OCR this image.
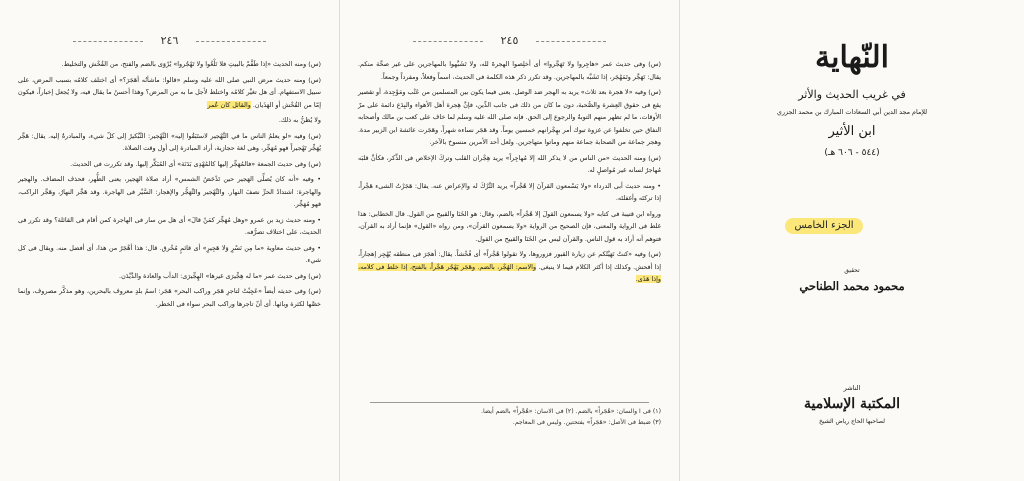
٢٤٦

(س) ومنه الحديث «إذا طَفَّمْ بالبيتِ فلا تَلْغُوا ولا تَهْجُروا» يُرْوَى بالضم والفتح، من الفُحْش والتخليط.

(س) ومنه حديث مرض النبي صلى الله عليه وسلم «قالوا: ماشأنُه أهَجَرَ؟» أى اختلف كلامُه بسبب المرض، على سبيل الاستفهام. أى هل تغيَّر كلامُه واختلط لأجل ما به من المرض؟ وهذا أحسنُ ما يقال فيه، ولا يُجعل إخباراً، فيكون إمّا من الفُحْش أو الهَذَيان. والقائل كان عُمر

ولا يُظنُّ به ذلك.

(س) وفيه «لو يعلمُ الناس ما في التَّهْجير لاستَبَقُوا إليه» التَّهْجير: التَّبْكيرُ إلى كلّ شيء، والمبادرةُ إليه. يقال: هَجَّر يُهَجِّر تَهْجيراً فهو مُهَجِّر، وهى لغة حجازية، أراد المبادرة إلى أول وقت الصلاة.

(س) وفى حديث الجمعة «فالمُهَجِّر إليها كالمُهْدِى بَدَنَة» أى المُبَكِّر إليها. وقد تكررت فى الحديث.

• وفيه «أنه كان يُصلِّى الهَجير حين تَدْحَضُ الشمس» أراد صلاة الهَجير، يعنى الظُّهر، فحذف المضاف. والهجير والهاجرة: اشتدادُ الحرِّ نصفَ النهار. والتَّهْجير والتَّهَجُّر والإهجار: السَّيْر فى الهاجرة. وقد هَجَّر النهارُ، وهَجَّر الراكب، فهو مُهَجِّر.

• ومنه حديث زيد بن عمرو «وهل مُهَجِّر كمَنْ قالَ» أى هل من سار فى الهاجرة كمن أقام فى القائلة؟ وقد تكرر فى الحديث، على اختلاف تصرُّفه.

• وفى حديث معاوية «ما مِن نَسْرٍ وَلا هَجِيرٍ» أى قائمٍ مُحْرق. قال: هذا أهْجَرُ من هذا، أى أفضل منه. ويقال فى كل شيء.

(س) وفى حديث عمر «ما له هِجِّيرَى غيرها» الهِجِّيرَى: الدأب والعادة والدَّيْدَن.

(س) وفى حديثه أيضاً «عَجِبْتُ لتاجرِ هَجَر وراكب البحر» هَجَر: اسمُ بلدٍ معروف بالبحرين، وهو مذكَّر مصروف، وإنما خصَّها لكثرة وبائها. أى أنّ تاجرها وراكب البحر سواء فى الخطر.

٢٤٥

(س) وفى حديث عمر «هاجِروا ولا تَهَجَّروا» أى أخلِصوا الهجرةَ لله، ولا تَشَبَّهوا بالمهاجرين على غير صحَّة منكم. يقال: تَهَجَّر وتَمَهْجَر، إذا تَشَبَّه بالمهاجرين. وقد تكرر ذكر هذه الكلمة فى الحديث، اسماً وفعلاً، ومفرداً وجمعاً.

(س) وفيه «لا هجرة بعد ثلاث» يريد به الهجر ضد الوصل. يعنى فيما يكون بين المسلمين من عَتْب ومَوْجِدة، أو تقصير يقع فى حقوق العِشرة والصُّحبة، دون ما كان من ذلك فى جانب الدِّين، فإنَّ هِجرة أهل الأهواء والبِدَع دائمة على مرّ الأوقات، ما لم تظهر منهم التوبةُ والرجوع إلى الحق. فإنه صلى الله عليه وسلم لما خاف على كعب بن مالك وأصحابه النفاق حين تخلفوا عن غزوة تبوك أمر بهِجْرانهم خمسين يوماً. وقد هَجَر نساءه شهراً، وهَجَرت عائشة ابن الزبير مدة. وهجر جماعة من الصحابة جماعة منهم وماتوا متهاجرين. ولعل أحد الأمرين منسوخ بالآخر.

(س) ومنه الحديث «من الناس من لا يذكر الله إلا مُهاجِراً» يريد هِجْران القلب وتركَ الإخلاص فى الذِّكر، فكأنَّ قلبَه مُهاجرٌ لسانه غير مُواصلٍ له.

• ومنه حديث أبى الدرداء «ولا يَسْمعون القرآنَ إلا هُجْراً» يريد التَّرْكَ له والإعراض عنه. يقال: هَجَرْتُ الشىء هَجْراً، إذا تركتَه وأغفلتَه.

ورواه ابن قتيبة فى كتابه «ولا يسمعون القولَ إلا هُجْراً» بالضم، وقال: هو الخَنَا والقبيح من القول. قال الخطابى: هذا غلط فى الرواية والمعنى، فإن الصحيح من الرواية «ولا يسمعون القرآن»، ومن رواه «القول» فإنما أراد به القرآن، فتوهم أنه أراد به قول الناس. والقرآن ليس من الخَنَا والقبيح من القول.

(س) وفيه «كنتُ نَهَيْتُكم عن زيارة القبور فزوروها، ولا تقولوا هُجْراً» أى فُحْشاً. يقال: أهجَرَ فى منطقه يُهْجِر إهجاراً، إذا أفحش. وكذلك إذا أكثر الكلام فيما لا ينبغى. والاسم: الهُجْر، بالضم. وهَجَر يَهْجُر هَجْراً، بالفتح، إذا خلط فى كلامه، وإذا هَذَى.

(١) فى ا والسان: «هُجَراً» بالضم. (٢) فى الاسان: «هُجْراً» بالضم أيضا.
(٣) ضبط فى الأصل: «هَجَراً» بفتحتين. وليس فى المعاجم.
النّهاية
في غريب الحديث والأثر
للإمام مجد الدين أبي السعادات المبارك بن محمد الجزري
ابن الأثير
(٥٤٤ - ٦٠٦ هـ)
الجزء الخامس
تحقيق
محمود محمد الطناحي
الناشر
المكتبة الإسلامية
لصاحبها الحاج رياض الشيخ
